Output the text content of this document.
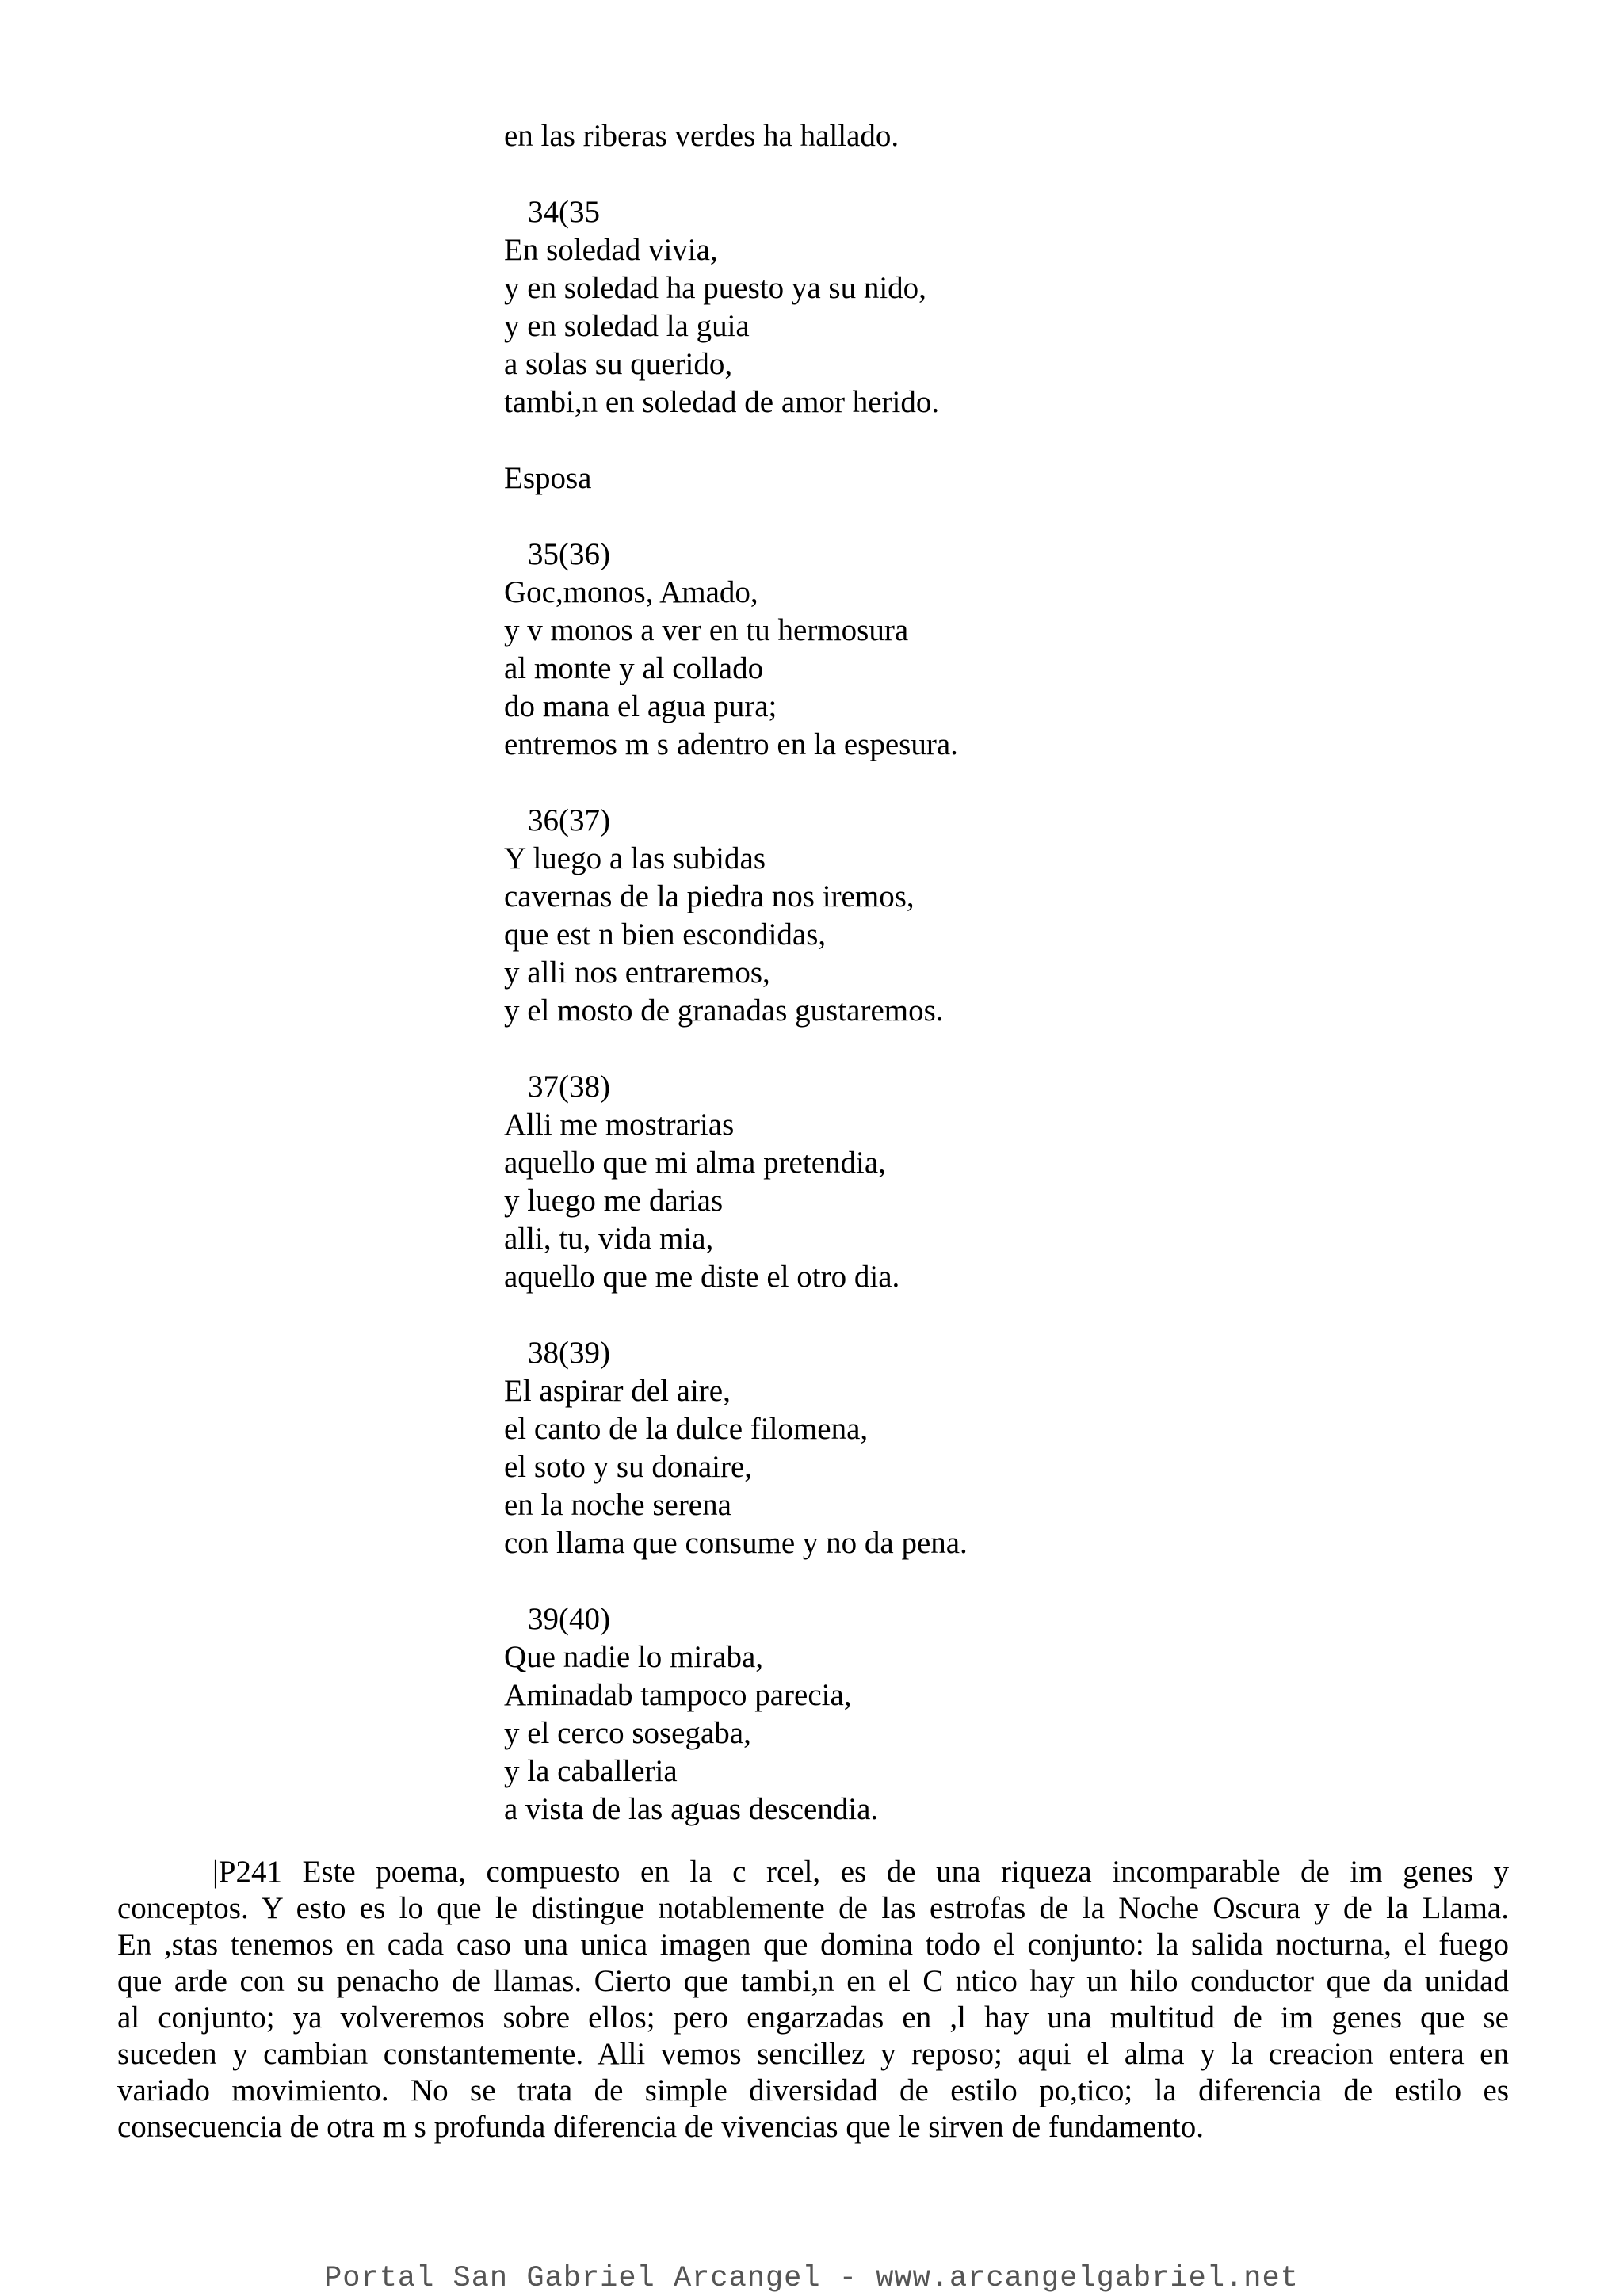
en las riberas verdes ha hallado.
34(35
En soledad vivia,
y en soledad ha puesto ya su nido,
y en soledad la guia
a solas su querido,
tambi,n en soledad de amor herido.
Esposa
35(36)
Goc,monos, Amado,
y v monos a ver en tu hermosura
al monte y al collado
do mana el agua pura;
entremos m s adentro en la espesura.
36(37)
Y luego a las subidas
cavernas de la piedra nos iremos,
que est n bien escondidas,
y alli nos entraremos,
y el mosto de granadas gustaremos.
37(38)
Alli me mostrarias
aquello que mi alma pretendia,
y luego me darias
alli, tu, vida mia,
aquello que me diste el otro dia.
38(39)
El aspirar del aire,
el canto de la dulce filomena,
el soto y su donaire,
en la noche serena
con llama que consume y no da pena.
39(40)
Que nadie lo miraba,
Aminadab tampoco parecia,
y el cerco sosegaba,
y la caballeria
a vista de las aguas descendia.
|P241 Este poema, compuesto en la c rcel, es de una riqueza incomparable de im genes y
conceptos. Y esto es lo que le distingue notablemente de las estrofas de la Noche Oscura y de la Llama.
En ,stas tenemos en cada caso una unica imagen que domina todo el conjunto: la salida nocturna, el fuego
que arde con su penacho de llamas. Cierto que tambi,n en el C ntico hay un hilo conductor que da unidad
al conjunto; ya volveremos sobre ellos; pero engarzadas en ,l hay una multitud de im genes que se
suceden y cambian constantemente. Alli vemos sencillez y reposo; aqui el alma y la creacion entera en
variado movimiento. No se trata de simple diversidad de estilo po,tico; la diferencia de estilo es
consecuencia de otra m s profunda diferencia de vivencias que le sirven de fundamento.
Portal San Gabriel Arcangel - www.arcangelgabriel.net
